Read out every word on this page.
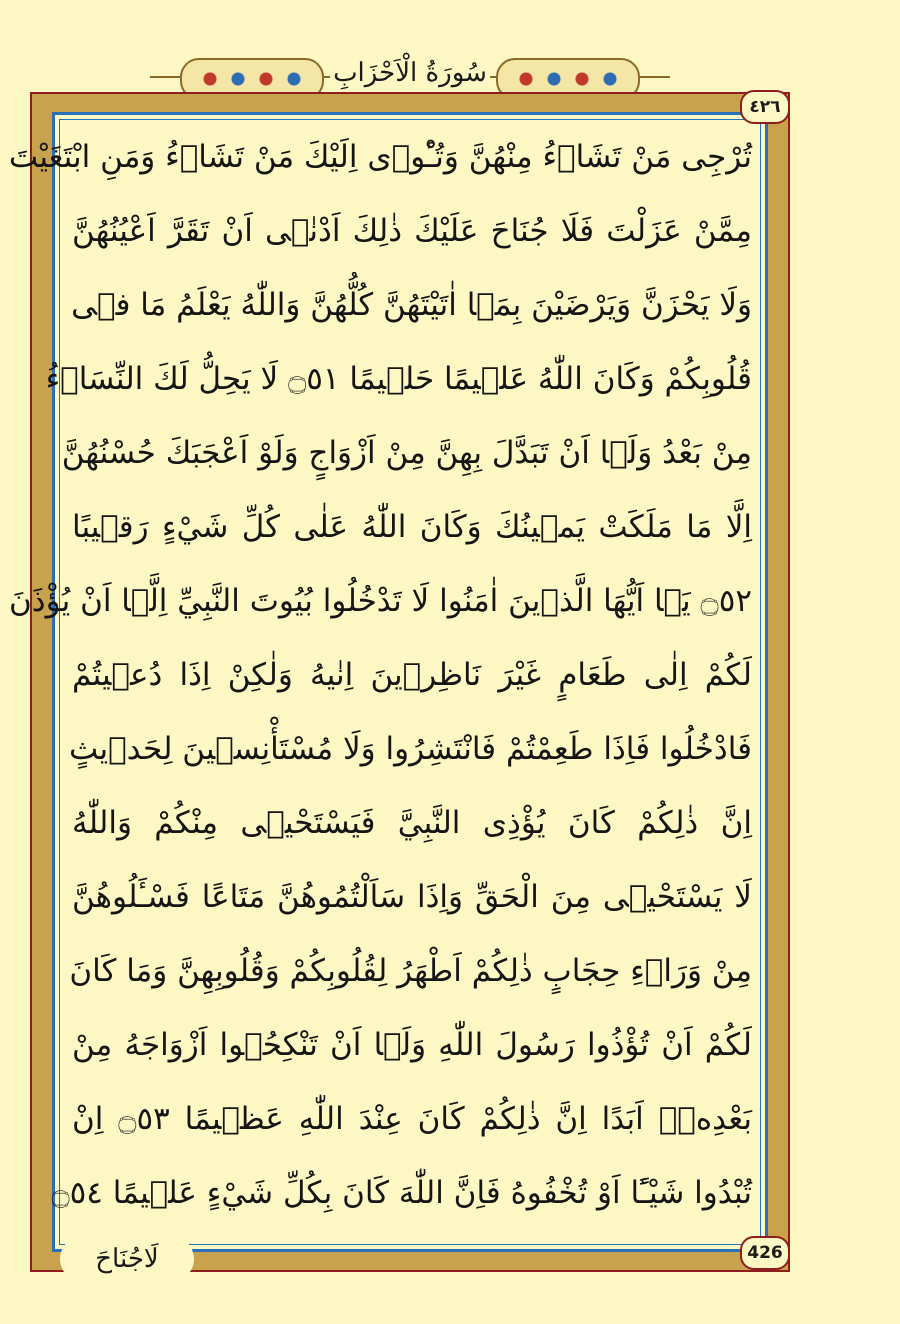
سُورَةُ الْاَحْزَابِ
٤٢٦
تُرْجِى مَنْ تَشَاۤءُ مِنْهُنَّ وَتُـْٔوۤى اِلَيْكَ مَنْ تَشَاۤءُ وَمَنِ ابْتَغَيْتَ
مِمَّنْ عَزَلْتَ فَلَا جُنَاحَ عَلَيْكَ ذٰلِكَ اَدْنٰۤى اَنْ تَقَرَّ اَعْيُنُهُنَّ
وَلَا يَحْزَنَّ وَيَرْضَيْنَ بِمَۤا اٰتَيْتَهُنَّ كُلُّهُنَّ وَاللّٰهُ يَعْلَمُ مَا فٖى
قُلُوبِكُمْ وَكَانَ اللّٰهُ عَلٖيمًا حَلٖيمًا ۝٥١ لَا يَحِلُّ لَكَ النِّسَاۤءُ
مِنْ بَعْدُ وَلَۤا اَنْ تَبَدَّلَ بِهِنَّ مِنْ اَزْوَاجٍ وَلَوْ اَعْجَبَكَ حُسْنُهُنَّ
اِلَّا مَا مَلَكَتْ يَمٖينُكَ وَكَانَ اللّٰهُ عَلٰى كُلِّ شَيْءٍ رَقٖيبًا
۝٥٢ يَۤا اَيُّهَا الَّذٖينَ اٰمَنُوا لَا تَدْخُلُوا بُيُوتَ النَّبِيِّ اِلَّۤا اَنْ يُؤْذَنَ
لَكُمْ اِلٰى طَعَامٍ غَيْرَ نَاظِرٖينَ اِنٰيهُ وَلٰكِنْ اِذَا دُعٖيتُمْ
فَادْخُلُوا فَاِذَا طَعِمْتُمْ فَانْتَشِرُوا وَلَا مُسْتَأْنِسٖينَ لِحَدٖيثٍ
اِنَّ ذٰلِكُمْ كَانَ يُؤْذِى النَّبِيَّ فَيَسْتَحْيٖى مِنْكُمْ وَاللّٰهُ
لَا يَسْتَحْيٖى مِنَ الْحَقِّ وَاِذَا سَاَلْتُمُوهُنَّ مَتَاعًا فَسْـَٔلُوهُنَّ
مِنْ وَرَاۤءِ حِجَابٍ ذٰلِكُمْ اَطْهَرُ لِقُلُوبِكُمْ وَقُلُوبِهِنَّ وَمَا كَانَ
لَكُمْ اَنْ تُؤْذُوا رَسُولَ اللّٰهِ وَلَۤا اَنْ تَنْكِحُۤوا اَزْوَاجَهُ مِنْ
بَعْدِهٖۤ اَبَدًا اِنَّ ذٰلِكُمْ كَانَ عِنْدَ اللّٰهِ عَظٖيمًا ۝٥٣ اِنْ
تُبْدُوا شَيْـًٔا اَوْ تُخْفُوهُ فَاِنَّ اللّٰهَ كَانَ بِكُلِّ شَيْءٍ عَلٖيمًا ۝٥٤
426
لَاجُنَاحَ
